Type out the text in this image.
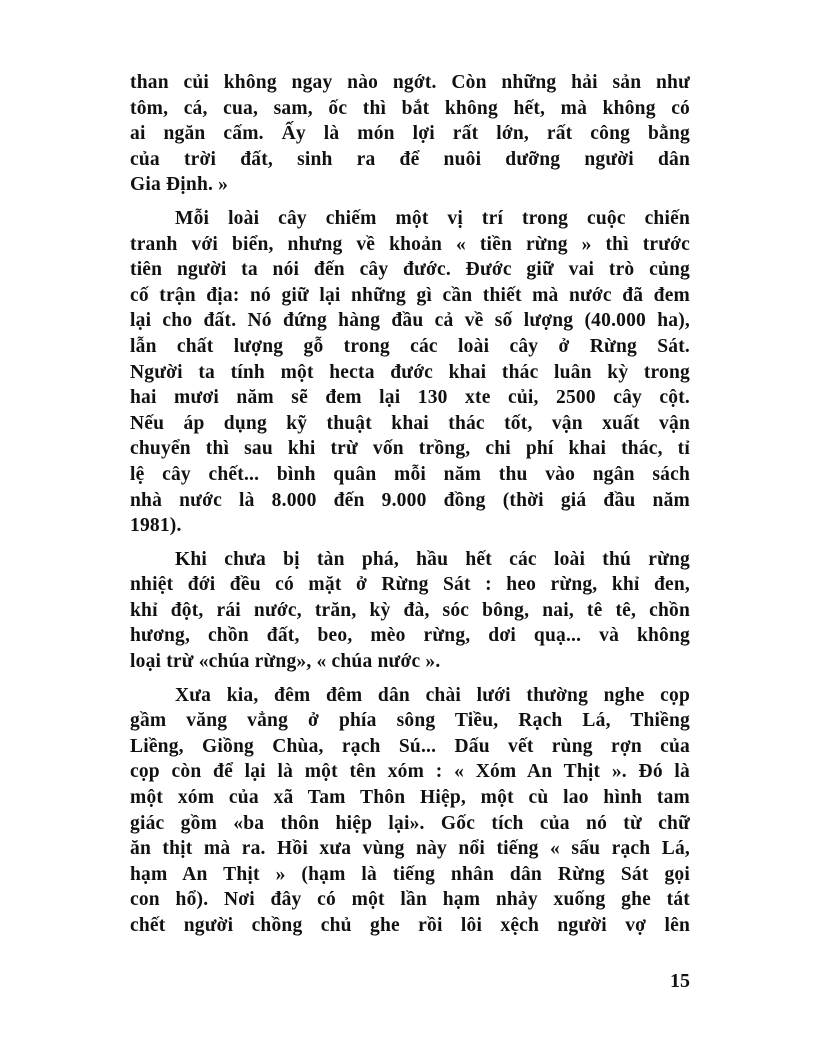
than củi không ngay nào ngớt. Còn những hải sản như
tôm, cá, cua, sam, ốc thì bắt không hết, mà không có
ai ngăn cấm. Ấy là món lợi rất lớn, rất công bằng
của trời đất, sinh ra để nuôi dưỡng người dân
Gia Định. »
Mỗi loài cây chiếm một vị trí trong cuộc chiến
tranh với biển, nhưng về khoản « tiền rừng » thì trước
tiên người ta nói đến cây đước. Đước giữ vai trò củng
cố trận địa: nó giữ lại những gì cần thiết mà nước đã đem
lại cho đất. Nó đứng hàng đầu cả về số lượng (40.000 ha),
lẫn chất lượng gỗ trong các loài cây ở Rừng Sát.
Người ta tính một hecta đước khai thác luân kỳ trong
hai mươi năm sẽ đem lại 130 xte củi, 2500 cây cột.
Nếu áp dụng kỹ thuật khai thác tốt, vận xuất vận
chuyển thì sau khi trừ vốn trồng, chi phí khai thác, tỉ
lệ cây chết... bình quân mỗi năm thu vào ngân sách
nhà nước là 8.000 đến 9.000 đồng (thời giá đầu năm
1981).
Khi chưa bị tàn phá, hầu hết các loài thú rừng
nhiệt đới đều có mặt ở Rừng Sát : heo rừng, khỉ đen,
khỉ đột, rái nước, trăn, kỳ đà, sóc bông, nai, tê tê, chồn
hương, chồn đất, beo, mèo rừng, dơi quạ... và không
loại trừ «chúa rừng», « chúa nước ».
Xưa kia, đêm đêm dân chài lưới thường nghe cọp
gầm văng vẳng ở phía sông Tiều, Rạch Lá, Thiềng
Liềng, Giồng Chùa, rạch Sú... Dấu vết rùng rợn của
cọp còn để lại là một tên xóm : « Xóm An Thịt ». Đó là
một xóm của xã Tam Thôn Hiệp, một cù lao hình tam
giác gồm «ba thôn hiệp lại». Gốc tích của nó từ chữ
ăn thịt mà ra. Hồi xưa vùng này nổi tiếng « sấu rạch Lá,
hạm An Thịt » (hạm là tiếng nhân dân Rừng Sát gọi
con hổ). Nơi đây có một lần hạm nhảy xuống ghe tát
chết người chồng chủ ghe rồi lôi xệch người vợ lên
15
